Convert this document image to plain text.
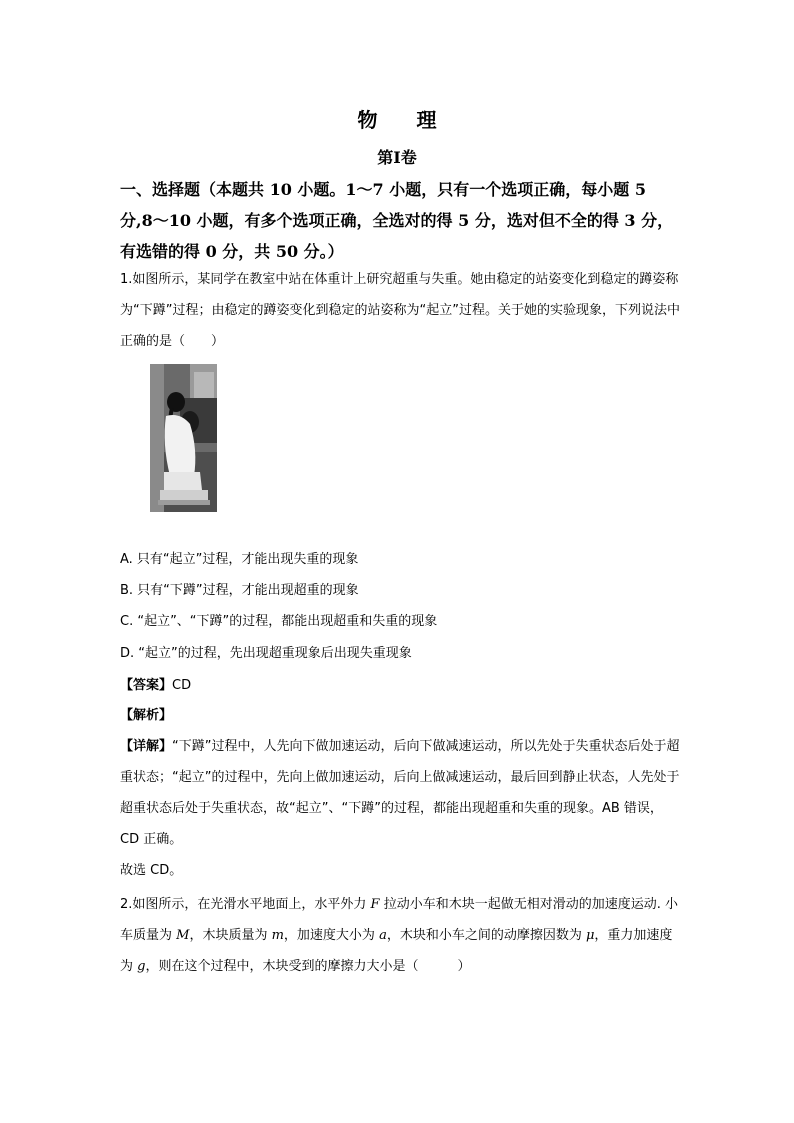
物 理
第Ⅰ卷

一、选择题（本题共 10 小题。1～7 小题，只有一个选项正确，每小题 5 分,8～10 小题，有多个选项正确，全选对的得 5 分，选对但不全的得 3 分，有选错的得 0 分，共 50 分。）

1.如图所示，某同学在教室中站在体重计上研究超重与失重。她由稳定的站姿变化到稳定的蹲姿称为“下蹲”过程；由稳定的蹲姿变化到稳定的站姿称为“起立”过程。关于她的实验现象，下列说法中正确的是（　　）

A. 只有“起立”过程，才能出现失重的现象

B. 只有“下蹲”过程，才能出现超重的现象

C. “起立”、“下蹲”的过程，都能出现超重和失重的现象

D. “起立”的过程，先出现超重现象后出现失重现象

【答案】CD
【解析】

【详解】“下蹲”过程中，人先向下做加速运动，后向下做减速运动，所以先处于失重状态后处于超重状态；“起立”的过程中，先向上做加速运动，后向上做减速运动，最后回到静止状态，人先处于超重状态后处于失重状态，故“起立”、“下蹲”的过程，都能出现超重和失重的现象。AB 错误，CD 正确。

故选 CD。

2.如图所示，在光滑水平地面上，水平外力 F 拉动小车和木块一起做无相对滑动的加速度运动. 小车质量为 M，木块质量为 m，加速度大小为 a，木块和小车之间的动摩擦因数为 μ，重力加速度为 g，则在这个过程中，木块受到的摩擦力大小是（　　　）
